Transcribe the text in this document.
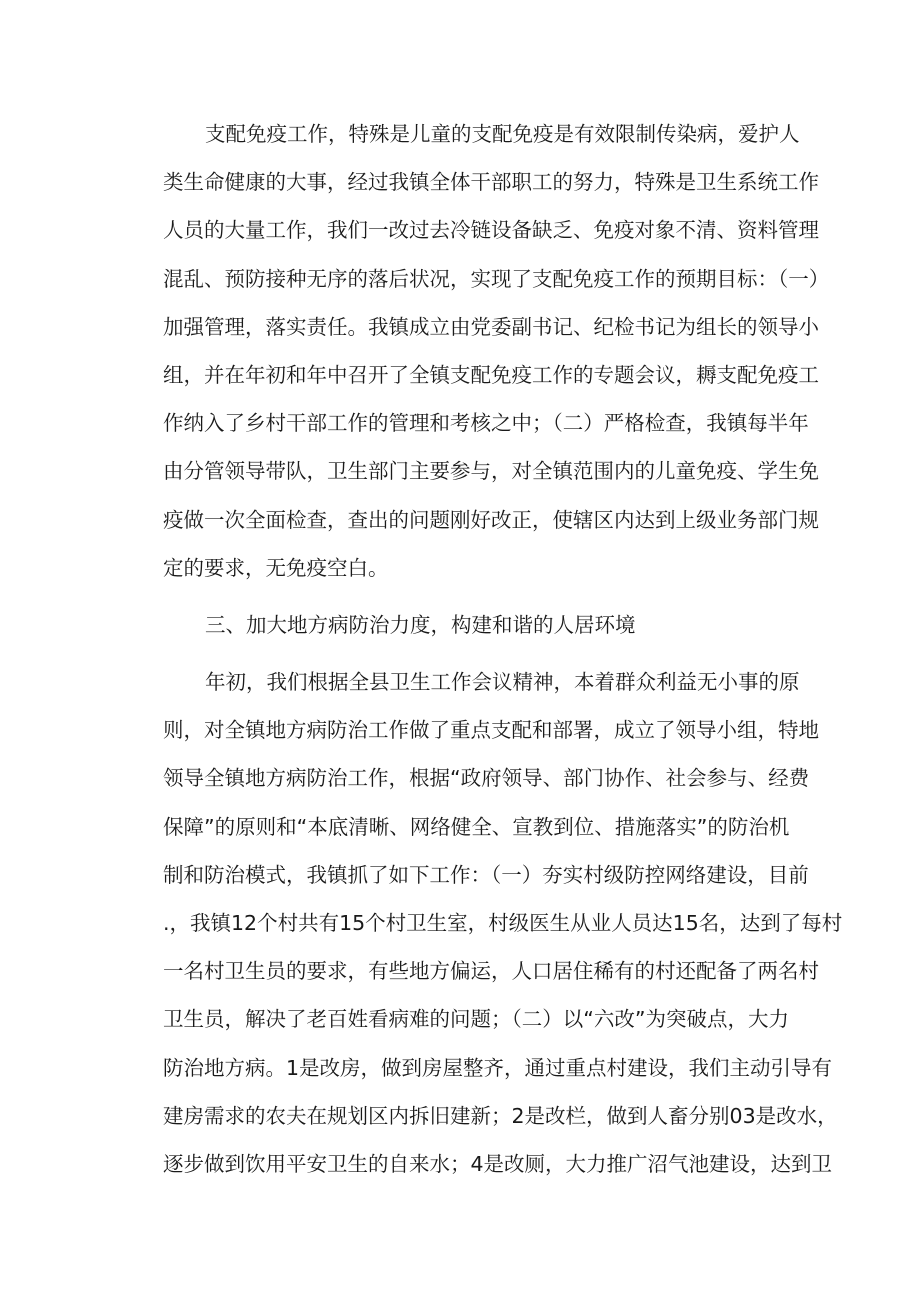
支配免疫工作，特殊是儿童的支配免疫是有效限制传染病，爱护人
类生命健康的大事，经过我镇全体干部职工的努力，特殊是卫生系统工作
人员的大量工作，我们一改过去冷链设备缺乏、免疫对象不清、资料管理
混乱、预防接种无序的落后状况，实现了支配免疫工作的预期目标：（一）
加强管理，落实责任。我镇成立由党委副书记、纪检书记为组长的领导小
组，并在年初和年中召开了全镇支配免疫工作的专题会议，耨支配免疫工
作纳入了乡村干部工作的管理和考核之中；（二）严格检查，我镇每半年
由分管领导带队，卫生部门主要参与，对全镇范围内的儿童免疫、学生免
疫做一次全面检查，查出的问题刚好改正，使辖区内达到上级业务部门规
定的要求，无免疫空白。
三、加大地方病防治力度，构建和谐的人居环境
年初，我们根据全县卫生工作会议精神，本着群众利益无小事的原
则，对全镇地方病防治工作做了重点支配和部署，成立了领导小组，特地
领导全镇地方病防治工作，根据“政府领导、部门协作、社会参与、经费
保障”的原则和“本底清晰、网络健全、宣教到位、措施落实”的防治机
制和防治模式，我镇抓了如下工作：（一）夯实村级防控网络建设，目前
.，我镇12个村共有15个村卫生室，村级医生从业人员达15名，达到了每村
一名村卫生员的要求，有些地方偏运，人口居住稀有的村还配备了两名村
卫生员，解决了老百姓看病难的问题；（二）以“六改”为突破点，大力
防治地方病。1是改房，做到房屋整齐，通过重点村建设，我们主动引导有
建房需求的农夫在规划区内拆旧建新；2是改栏，做到人畜分别03是改水，
逐步做到饮用平安卫生的自来水；4是改厕，大力推广沼气池建设，达到卫
